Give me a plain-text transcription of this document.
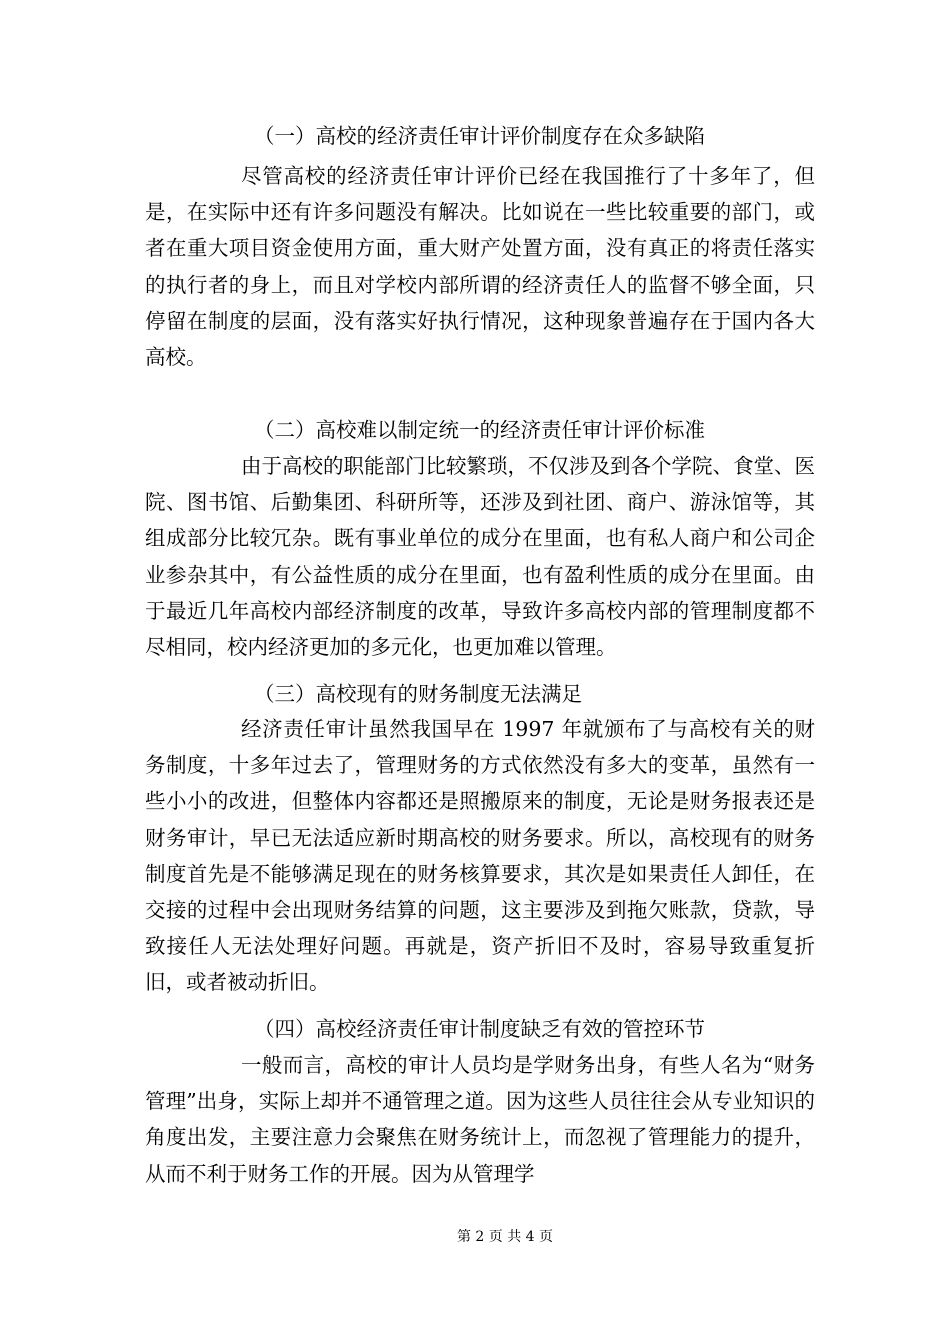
（一）高校的经济责任审计评价制度存在众多缺陷
尽管高校的经济责任审计评价已经在我国推行了十多年了，但是，在实际中还有许多问题没有解决。比如说在一些比较重要的部门，或者在重大项目资金使用方面，重大财产处置方面，没有真正的将责任落实的执行者的身上，而且对学校内部所谓的经济责任人的监督不够全面，只停留在制度的层面，没有落实好执行情况，这种现象普遍存在于国内各大高校。
（二）高校难以制定统一的经济责任审计评价标准
由于高校的职能部门比较繁琐，不仅涉及到各个学院、食堂、医院、图书馆、后勤集团、科研所等，还涉及到社团、商户、游泳馆等，其组成部分比较冗杂。既有事业单位的成分在里面，也有私人商户和公司企业参杂其中，有公益性质的成分在里面，也有盈利性质的成分在里面。由于最近几年高校内部经济制度的改革，导致许多高校内部的管理制度都不尽相同，校内经济更加的多元化，也更加难以管理。
（三）高校现有的财务制度无法满足
经济责任审计虽然我国早在 1997 年就颁布了与高校有关的财务制度，十多年过去了，管理财务的方式依然没有多大的变革，虽然有一些小小的改进，但整体内容都还是照搬原来的制度，无论是财务报表还是财务审计，早已无法适应新时期高校的财务要求。所以，高校现有的财务制度首先是不能够满足现在的财务核算要求，其次是如果责任人卸任，在交接的过程中会出现财务结算的问题，这主要涉及到拖欠账款，贷款，导致接任人无法处理好问题。再就是，资产折旧不及时，容易导致重复折旧，或者被动折旧。
（四）高校经济责任审计制度缺乏有效的管控环节
一般而言，高校的审计人员均是学财务出身，有些人名为“财务管理”出身，实际上却并不通管理之道。因为这些人员往往会从专业知识的角度出发，主要注意力会聚焦在财务统计上，而忽视了管理能力的提升，从而不利于财务工作的开展。因为从管理学
第 2 页 共 4 页
